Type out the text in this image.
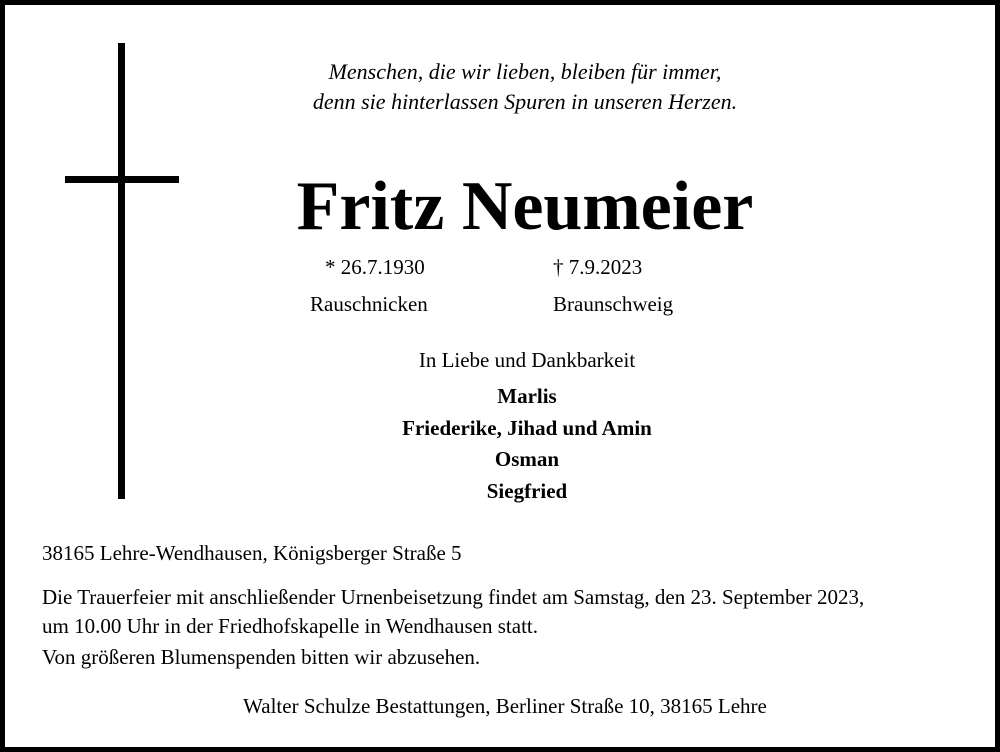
Menschen, die wir lieben, bleiben für immer,
denn sie hinterlassen Spuren in unseren Herzen.
Fritz Neumeier
* 26.7.1930	† 7.9.2023
Rauschnicken	Braunschweig
In Liebe und Dankbarkeit
Marlis
Friederike, Jihad und Amin
Osman
Siegfried
38165 Lehre-Wendhausen, Königsberger Straße 5
Die Trauerfeier mit anschließender Urnenbeisetzung findet am Samstag, den 23. September 2023,
um 10.00 Uhr in der Friedhofskapelle in Wendhausen statt.
Von größeren Blumenspenden bitten wir abzusehen.
Walter Schulze Bestattungen, Berliner Straße 10, 38165 Lehre
